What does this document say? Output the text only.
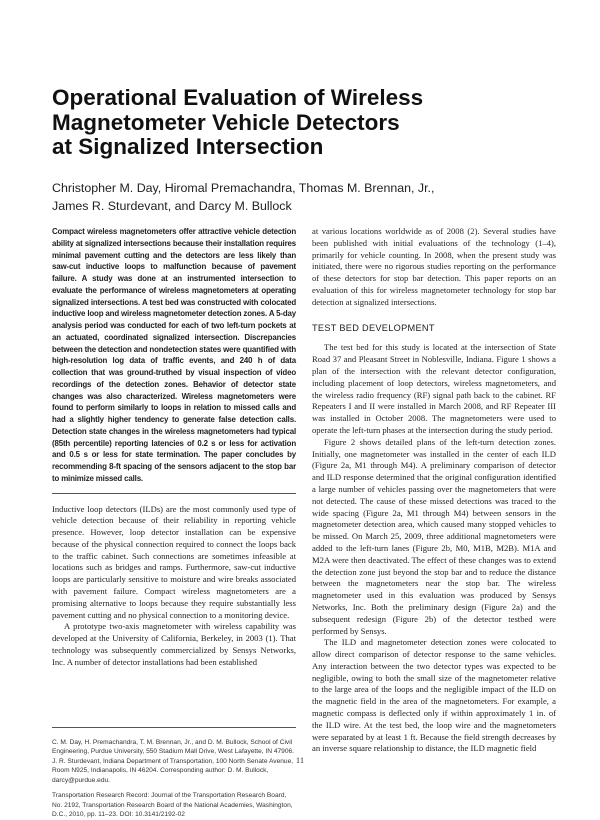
Operational Evaluation of Wireless
Magnetometer Vehicle Detectors
at Signalized Intersection
Christopher M. Day, Hiromal Premachandra, Thomas M. Brennan, Jr.,
James R. Sturdevant, and Darcy M. Bullock

Compact wireless magnetometers offer attractive vehicle detection ability at signalized intersections because their installation requires minimal pavement cutting and the detectors are less likely than saw-cut inductive loops to malfunction because of pavement failure. A study was done at an instrumented intersection to evaluate the performance of wireless magnetometers at operating signalized intersections. A test bed was constructed with colocated inductive loop and wireless magnetometer detection zones. A 5-day analysis period was conducted for each of two left-turn pockets at an actuated, coordinated signalized intersection. Discrepancies between the detection and nondetection states were quantified with high-resolution log data of traffic events, and 240 h of data collection that was ground-truthed by visual inspection of video recordings of the detection zones. Behavior of detector state changes was also characterized. Wireless magnetometers were found to perform similarly to loops in relation to missed calls and had a slightly higher tendency to generate false detection calls. Detection state changes in the wireless magnetometers had typical (85th percentile) reporting latencies of 0.2 s or less for activation and 0.5 s or less for state termination. The paper concludes by recommending 8-ft spacing of the sensors adjacent to the stop bar to minimize missed calls.

Inductive loop detectors (ILDs) are the most commonly used type of vehicle detection because of their reliability in reporting vehicle presence. However, loop detector installation can be expensive because of the physical connection required to connect the loops back to the traffic cabinet. Such connections are sometimes infeasible at locations such as bridges and ramps. Furthermore, saw-cut inductive loops are particularly sensitive to moisture and wire breaks associated with pavement failure. Compact wireless magnetometers are a promising alternative to loops because they require substantially less pavement cutting and no physical connection to a monitoring device.

A prototype two-axis magnetometer with wireless capability was developed at the University of California, Berkeley, in 2003 (1). That technology was subsequently commercialized by Sensys Networks, Inc. A number of detector installations had been established

C. M. Day, H. Premachandra, T. M. Brennan, Jr., and D. M. Bullock, School of Civil Engineering, Purdue University, 550 Stadium Mall Drive, West Lafayette, IN 47906. J. R. Sturdevant, Indiana Department of Transportation, 100 North Senate Avenue, Room N925, Indianapolis, IN 46204. Corresponding author: D. M. Bullock, darcy@purdue.edu.

Transportation Research Record: Journal of the Transportation Research Board, No. 2192, Transportation Research Board of the National Academies, Washington, D.C., 2010, pp. 11–23. DOI: 10.3141/2192-02

at various locations worldwide as of 2008 (2). Several studies have been published with initial evaluations of the technology (1–4), primarily for vehicle counting. In 2008, when the present study was initiated, there were no rigorous studies reporting on the performance of these detectors for stop bar detection. This paper reports on an evaluation of this for wireless magnetometer technology for stop bar detection at signalized intersections.

TEST BED DEVELOPMENT

The test bed for this study is located at the intersection of State Road 37 and Pleasant Street in Noblesville, Indiana. Figure 1 shows a plan of the intersection with the relevant detector configuration, including placement of loop detectors, wireless magnetometers, and the wireless radio frequency (RF) signal path back to the cabinet. RF Repeaters I and II were installed in March 2008, and RF Repeater III was installed in October 2008. The magnetometers were used to operate the left-turn phases at the intersection during the study period.

Figure 2 shows detailed plans of the left-turn detection zones. Initially, one magnetometer was installed in the center of each ILD (Figure 2a, M1 through M4). A preliminary comparison of detector and ILD response determined that the original configuration identified a large number of vehicles passing over the magnetometers that were not detected. The cause of these missed detections was traced to the wide spacing (Figure 2a, M1 through M4) between sensors in the magnetometer detection area, which caused many stopped vehicles to be missed. On March 25, 2009, three additional magnetometers were added to the left-turn lanes (Figure 2b, M0, M1B, M2B). M1A and M2A were then deactivated. The effect of these changes was to extend the detection zone just beyond the stop bar and to reduce the distance between the magnetometers near the stop bar. The wireless magnetometer used in this evaluation was produced by Sensys Networks, Inc. Both the preliminary design (Figure 2a) and the subsequent redesign (Figure 2b) of the detector testbed were performed by Sensys.

The ILD and magnetometer detection zones were colocated to allow direct comparison of detector response to the same vehicles. Any interaction between the two detector types was expected to be negligible, owing to both the small size of the magnetometer relative to the large area of the loops and the negligible impact of the ILD on the magnetic field in the area of the magnetometers. For example, a magnetic compass is deflected only if within approximately 1 in. of the ILD wire. At the test bed, the loop wire and the magnetometers were separated by at least 1 ft. Because the field strength decreases by an inverse square relationship to distance, the ILD magnetic field

11
